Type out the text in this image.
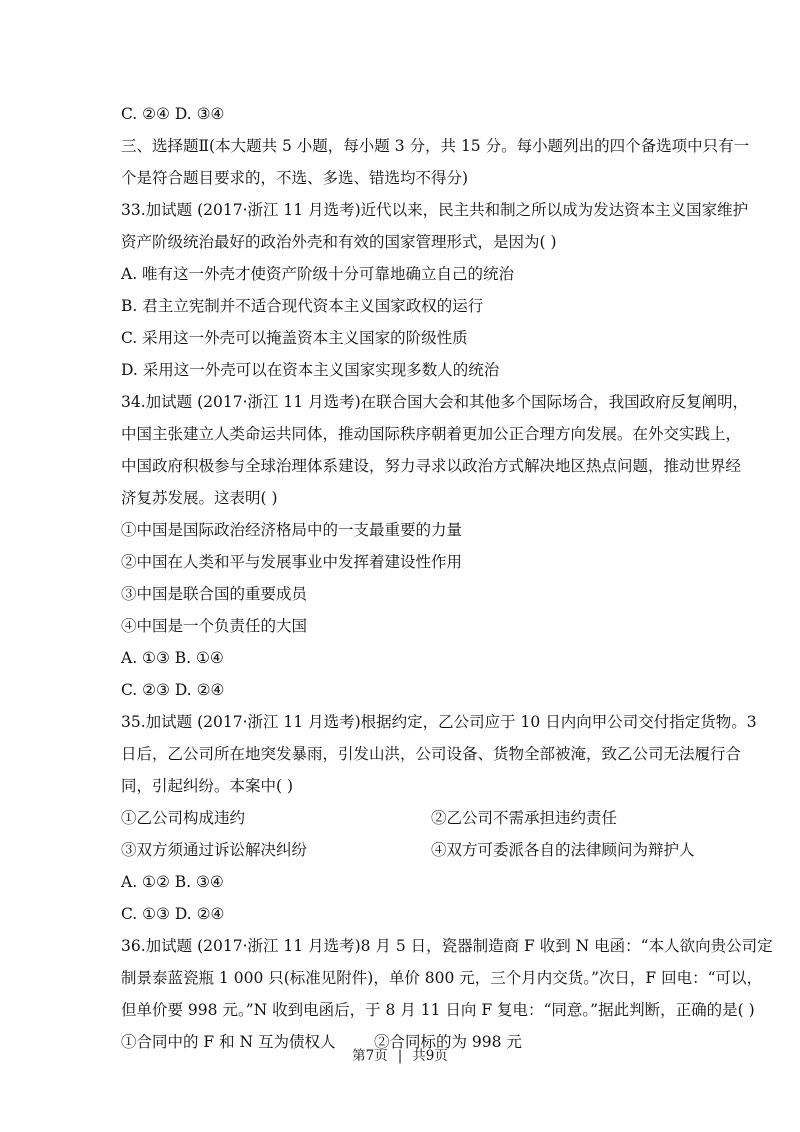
C. ②④ D. ③④

三、选择题Ⅱ(本大题共 5 小题，每小题 3 分，共 15 分。每小题列出的四个备选项中只有一

个是符合题目要求的，不选、多选、错选均不得分)

33.加试题 (2017·浙江 11 月选考)近代以来，民主共和制之所以成为发达资本主义国家维护

资产阶级统治最好的政治外壳和有效的国家管理形式，是因为( )

A. 唯有这一外壳才使资产阶级十分可靠地确立自己的统治

B. 君主立宪制并不适合现代资本主义国家政权的运行

C. 采用这一外壳可以掩盖资本主义国家的阶级性质

D. 采用这一外壳可以在资本主义国家实现多数人的统治

34.加试题 (2017·浙江 11 月选考)在联合国大会和其他多个国际场合，我国政府反复阐明，

中国主张建立人类命运共同体，推动国际秩序朝着更加公正合理方向发展。在外交实践上，

中国政府积极参与全球治理体系建设，努力寻求以政治方式解决地区热点问题，推动世界经

济复苏发展。这表明( )

①中国是国际政治经济格局中的一支最重要的力量

②中国在人类和平与发展事业中发挥着建设性作用

③中国是联合国的重要成员

④中国是一个负责任的大国

A. ①③ B. ①④

C. ②③ D. ②④

35.加试题 (2017·浙江 11 月选考)根据约定，乙公司应于 10 日内向甲公司交付指定货物。3

日后，乙公司所在地突发暴雨，引发山洪，公司设备、货物全部被淹，致乙公司无法履行合

同，引起纠纷。本案中( )

①乙公司构成违约	②乙公司不需承担违约责任

③双方须通过诉讼解决纠纷	④双方可委派各自的法律顾问为辩护人

A. ①② B. ③④

C. ①③ D. ②④

36.加试题 (2017·浙江 11 月选考)8 月 5 日，瓷器制造商 F 收到 N 电函：“本人欲向贵公司定

制景泰蓝瓷瓶 1 000 只(标准见附件)，单价 800 元，三个月内交货。”次日，F 回电：“可以，

但单价要 998 元。”N 收到电函后，于 8 月 11 日向 F 复电：“同意。”据此判断，正确的是( )

①合同中的 F 和 N 互为债权人 ②合同标的为 998 元

第7页 | 共9页
